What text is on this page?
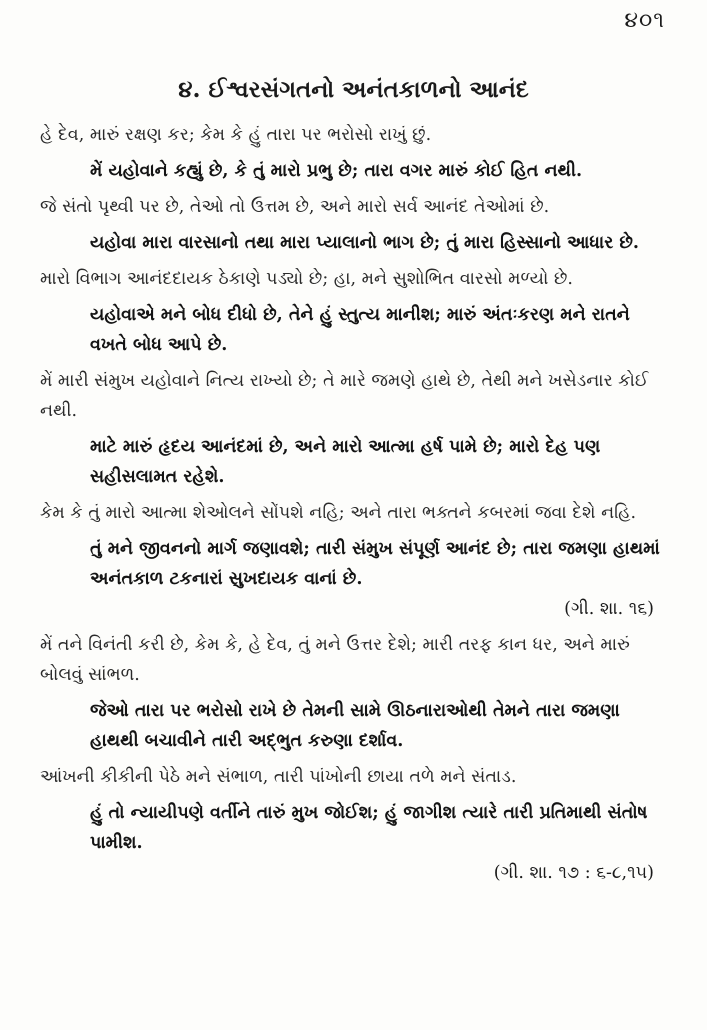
૪૦૧
૪. ઈશ્વરસંગતનો અનંતકાળનો આનંદ
હે દેવ, મારું રક્ષણ કર; કેમ કે હું તારા પર ભરોસો રાખું છું.
મેં યહોવાને કહ્યું છે, કે તું મારો પ્રભુ છે; તારા વગર મારું કોઈ હિત નથી.
જે સંતો પૃથ્વી પર છે, તેઓ તો ઉત્તમ છે, અને મારો સર્વ આનંદ તેઓમાં છે.
યહોવા મારા વારસાનો તથા મારા પ્યાલાનો ભાગ છે; તું મારા હિસ્સાનો આધાર છે.
મારો વિભાગ આનંદદાયક ઠેકાણે પડ્યો છે; હા, મને સુશોભિત વારસો મળ્યો છે.
યહોવાએ મને બોધ દીધો છે, તેને હું સ્તુત્ય માનીશ; મારું અંતઃકરણ મને રાતને વખતે બોધ આપે છે.
મેં મારી સંમુખ યહોવાને નિત્ય રાખ્યો છે; તે મારે જમણે હાથે છે, તેથી મને ખસેડનાર કોઈ નથી.
માટે મારું હૃદય આનંદમાં છે, અને મારો આત્મા હર્ષ પામે છે; મારો દેહ પણ સહીસલામત રહેશે.
કેમ કે તું મારો આત્મા શેઓલને સોંપશે નહિ; અને તારા ભક્તને કબરમાં જવા દેશે નહિ.
તું મને જીવનનો માર્ગ જણાવશે; તારી સંમુખ સંપૂર્ણ આનંદ છે; તારા જમણા હાથમાં અનંતકાળ ટકનારાં સુખદાયક વાનાં છે.
(ગી. શા. ૧૬)
મેં તને વિનંતી કરી છે, કેમ કે, હે દેવ, તું મને ઉત્તર દેશે; મારી તરફ કાન ધર, અને મારું બોલવું સાંભળ.
જેઓ તારા પર ભરોસો રાખે છે તેમની સામે ઊઠનારાઓથી તેમને તારા જમણા હાથથી બચાવીને તારી અદ્ભુત કરુણા દર્શાવ.
આંખની કીકીની પેઠે મને સંભાળ, તારી પાંખોની છાયા તળે મને સંતાડ.
હું તો ન્યાયીપણે વર્તીને તારું મુખ જોઈશ; હું જાગીશ ત્યારે તારી પ્રતિમાથી સંતોષ પામીશ.
(ગી. શા. ૧૭ : ૬-૮,૧૫)
